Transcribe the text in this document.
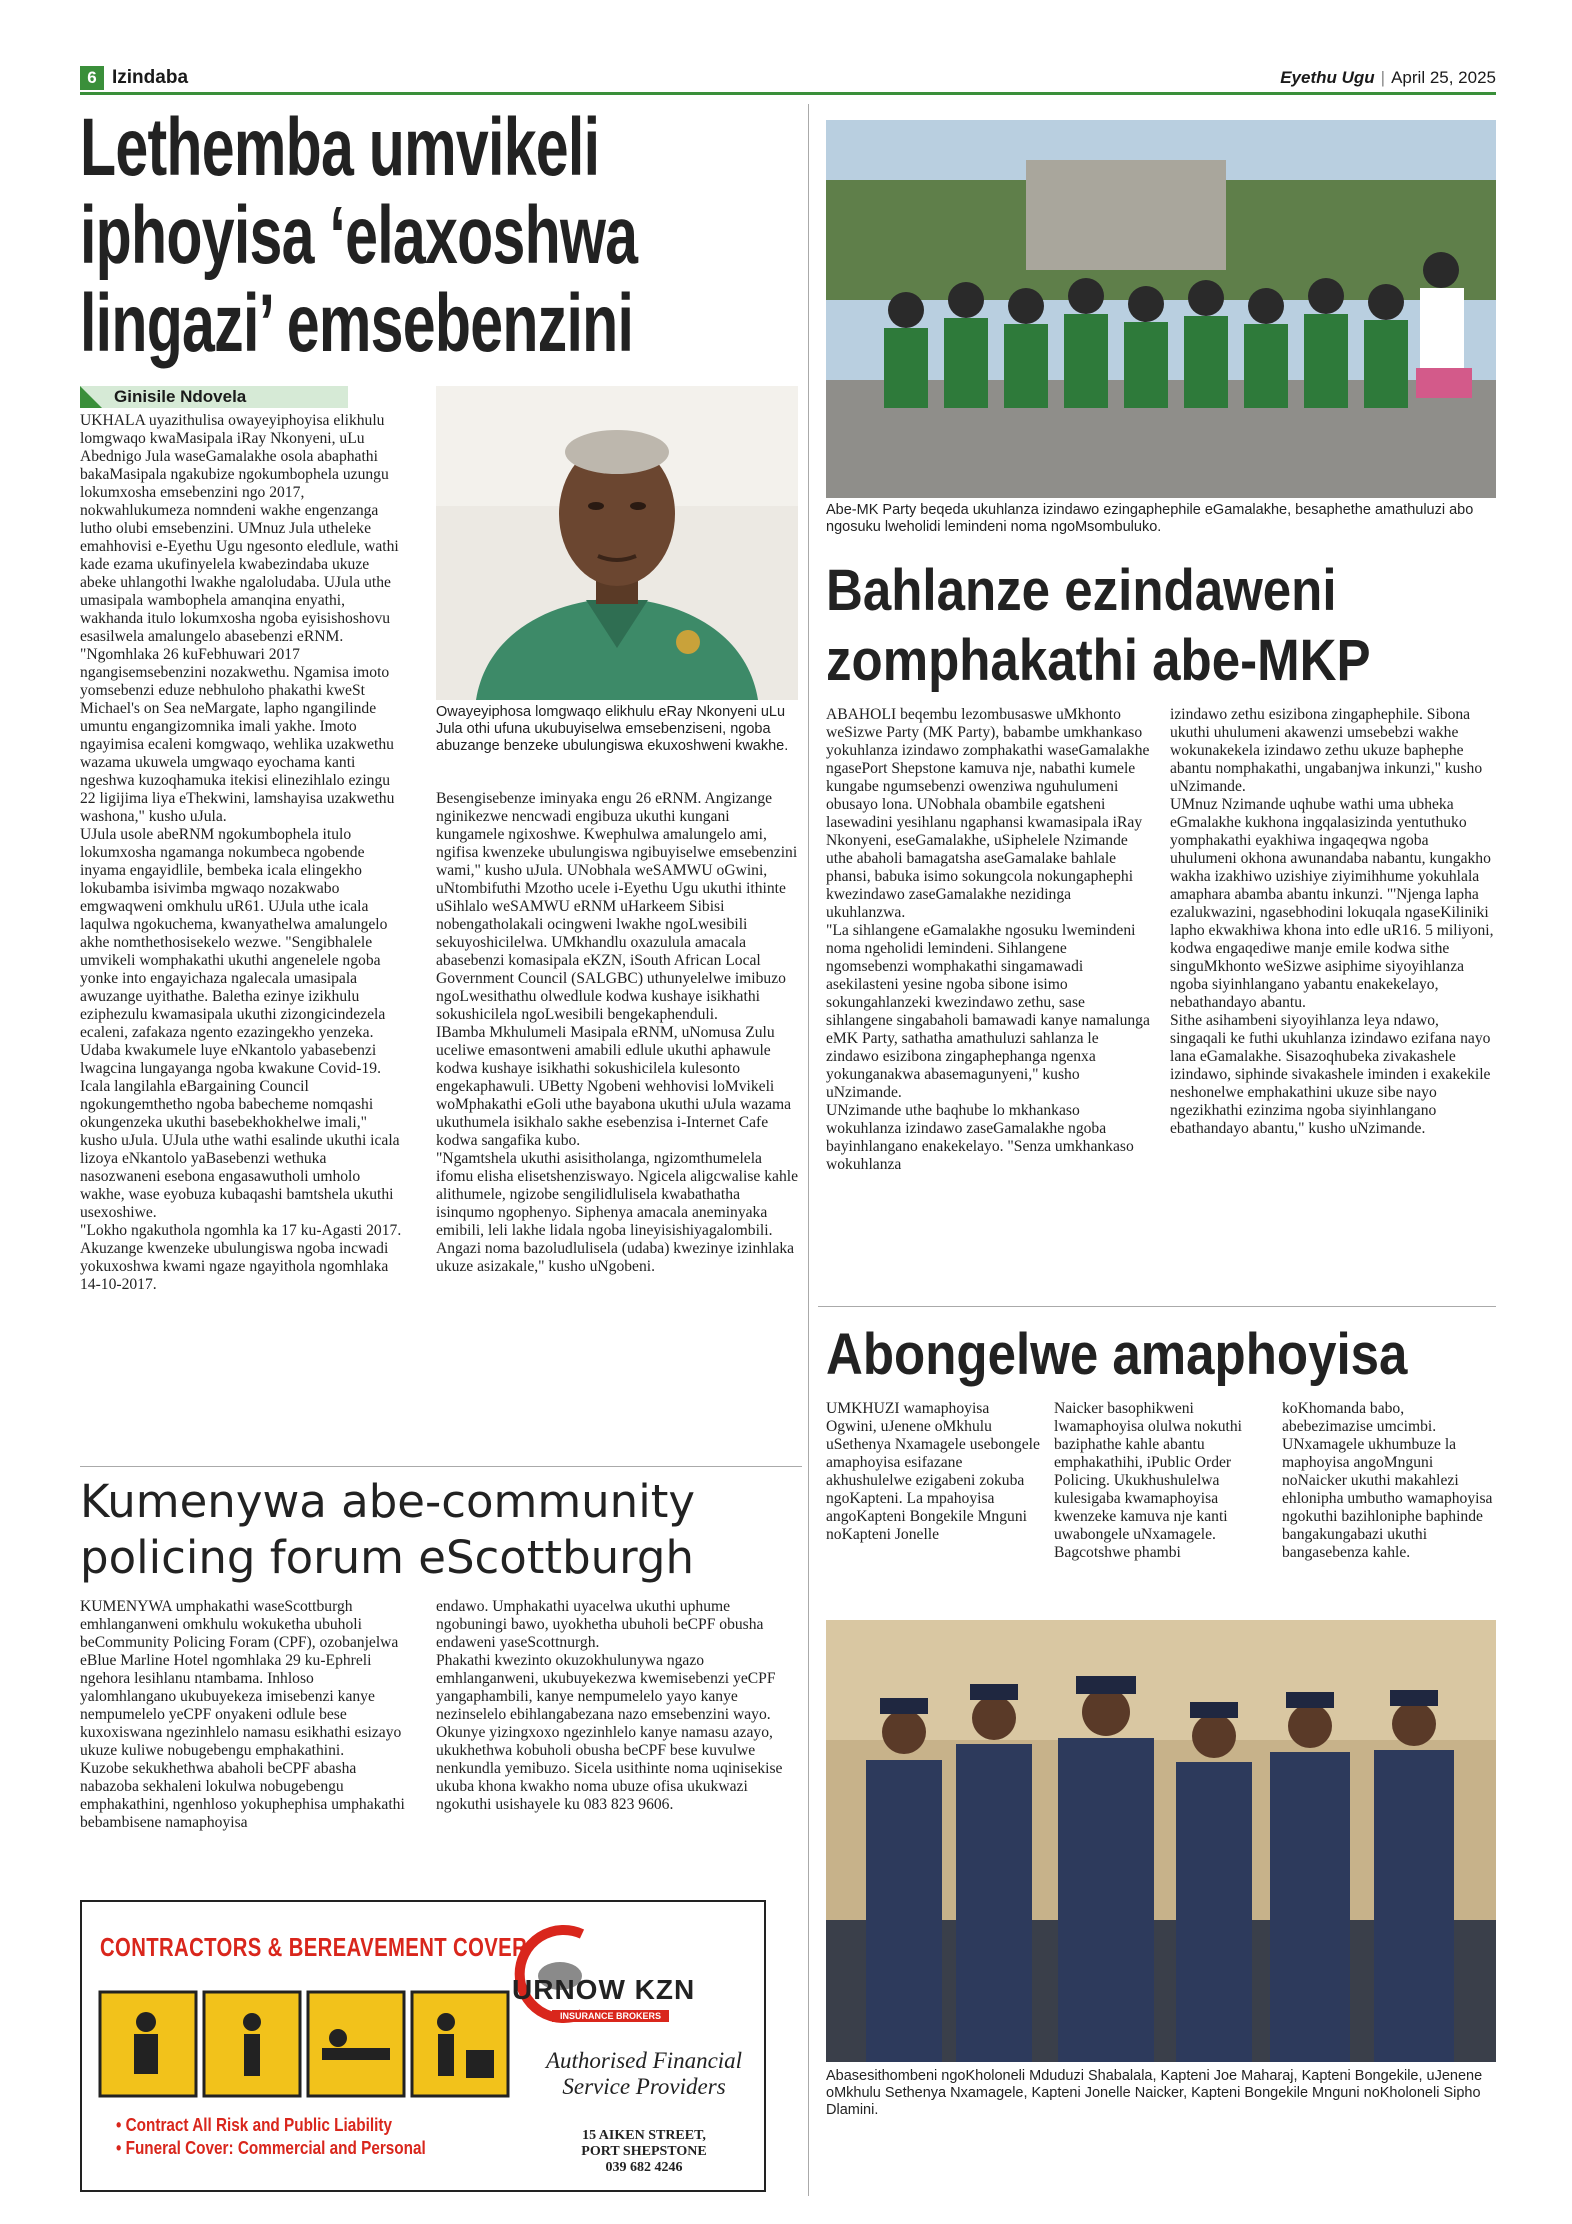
6 Izindaba	Eyethu Ugu | April 25, 2025
Lethemba umvikeli
iphoyisa ‘elaxoshwa
lingazi’ emsebenzini
Ginisile Ndovela

UKHALA uyazithulisa owayeyiphoyisa elikhulu lomgwaqo kwaMasipala iRay Nkonyeni, uLu Abednigo Jula waseGamalakhe osola abaphathi bakaMasipala ngakubize ngokumbophela uzungu lokumxosha emsebenzini ngo 2017, nokwahlukumeza nomndeni wakhe engenzanga lutho olubi emsebenzini. UMnuz Jula utheleke emahhovisi e-Eyethu Ugu ngesonto eledlule, wathi kade ezama ukufinyelela kwabezindaba ukuze abeke uhlangothi lwakhe ngaloludaba. UJula uthe umasipala wambophela amanqina enyathi, wakhanda itulo lokumxosha ngoba eyisishoshovu esasilwela amalungelo abasebenzi eRNM.

"Ngomhlaka 26 kuFebhuwari 2017 ngangisemsebenzini nozakwethu. Ngamisa imoto yomsebenzi eduze nebhuloho phakathi kweSt Michael's on Sea neMargate, lapho ngangilinde umuntu engangizomnika imali yakhe. Imoto ngayimisa ecaleni komgwaqo, wehlika uzakwethu wazama ukuwela umgwaqo eyochama kanti ngeshwa kuzoqhamuka itekisi elinezihlalo ezingu 22 ligijima liya eThekwini, lamshayisa uzakwethu washona," kusho uJula.

UJula usole abeRNM ngokumbophela itulo lokumxosha ngamanga nokumbeca ngobende inyama engayidlile, bembeka icala elingekho lokubamba isivimba mgwaqo nozakwabo emgwaqweni omkhulu uR61. UJula uthe icala laqulwa ngokuchema, kwanyathelwa amalungelo akhe nomthethosisekelo wezwe. "Sengibhalele umvikeli womphakathi ukuthi angenelele ngoba yonke into engayichaza ngalecala umasipala awuzange uyithathe. Baletha ezinye izikhulu eziphezulu kwamasipala ukuthi zizongicindezela ecaleni, zafakaza ngento ezazingekho yenzeka. Udaba kwakumele luye eNkantolo yabasebenzi lwagcina lungayanga ngoba kwakune Covid-19. Icala langilahla eBargaining Council ngokungemthetho ngoba babecheme nomqashi okungenzeka ukuthi basebekhokhelwe imali," kusho uJula. UJula uthe wathi esalinde ukuthi icala lizoya eNkantolo yaBasebenzi wethuka nasozwaneni esebona engasawutholi umholo wakhe, wase eyobuza kubaqashi bamtshela ukuthi usexoshiwe.

"Lokho ngakuthola ngomhla ka 17 ku-Agasti 2017. Akuzange kwenzeke ubulungiswa ngoba incwadi yokuxoshwa kwami ngaze ngayithola ngomhlaka 14-10-2017.

Owayeyiphosa lomgwaqo elikhulu eRay Nkonyeni uLu Jula othi ufuna ukubuyiselwa emsebenziseni, ngoba abuzange benzeke ubulungiswa ekuxoshweni kwakhe.

Besengisebenze iminyaka engu 26 eRNM. Angizange nginikezwe nencwadi engibuza ukuthi kungani kungamele ngixoshwe. Kwephulwa amalungelo ami, ngifisa kwenzeke ubulungiswa ngibuyiselwe emsebenzini wami," kusho uJula. UNobhala weSAMWU oGwini, uNtombifuthi Mzotho ucele i-Eyethu Ugu ukuthi ithinte uSihlalo weSAMWU eRNM uHarkeem Sibisi nobengatholakali ocingweni lwakhe ngoLwesibili sekuyoshicilelwa. UMkhandlu oxazulula amacala abasebenzi komasipala eKZN, iSouth African Local Government Council (SALGBC) uthunyelelwe imibuzo ngoLwesithathu olwedlule kodwa kushaye isikhathi sokushicilela ngoLwesibili bengekaphenduli.

IBamba Mkhulumeli Masipala eRNM, uNomusa Zulu uceliwe emasontweni amabili edlule ukuthi aphawule kodwa kushaye isikhathi sokushicilela kulesonto engekaphawuli. UBetty Ngobeni wehhovisi loMvikeli woMphakathi eGoli uthe bayabona ukuthi uJula wazama ukuthumela isikhalo sakhe esebenzisa i-Internet Cafe kodwa sangafika kubo.

"Ngamtshela ukuthi asisitholanga, ngizomthumelela ifomu elisha elisetshenziswayo. Ngicela aligcwalise kahle alithumele, ngizobe sengilidlulisela kwabathatha isinqumo ngophenyo. Siphenya amacala aneminyaka emibili, leli lakhe lidala ngoba lineyisishiyagalombili. Angazi noma bazoludlulisela (udaba) kwezinye izinhlaka ukuze asizakale," kusho uNgobeni.

Abe-MK Party beqeda ukuhlanza izindawo ezingaphephile eGamalakhe, besaphethe amathuluzi abo ngosuku lweholidi lemindeni noma ngoMsombuluko.
Bahlanze ezindaweni
zomphakathi abe-MKP

ABAHOLI beqembu lezombusaswe uMkhonto weSizwe Party (MK Party), babambe umkhankaso yokuhlanza izindawo zomphakathi waseGamalakhe ngasePort Shepstone kamuva nje, nabathi kumele kungabe ngumsebenzi owenziwa nguhulumeni obusayo lona. UNobhala obambile egatsheni lasewadini yesihlanu ngaphansi kwamasipala iRay Nkonyeni, eseGamalakhe, uSiphelele Nzimande uthe abaholi bamagatsha aseGamalake bahlale phansi, babuka isimo sokungcola nokungaphephi kwezindawo zaseGamalakhe nezidinga ukuhlanzwa.

"La sihlangene eGamalakhe ngosuku lwemindeni noma ngeholidi lemindeni. Sihlangene ngomsebenzi womphakathi singamawadi asekilasteni yesine ngoba sibone isimo sokungahlanzeki kwezindawo zethu, sase sihlangene singabaholi bamawadi kanye namalunga eMK Party, sathatha amathuluzi sahlanza le zindawo esizibona zingaphephanga ngenxa yokunganakwa abasemagunyeni," kusho uNzimande.

UNzimande uthe baqhube lo mkhankaso wokuhlanza izindawo zaseGamalakhe ngoba bayinhlangano enakekelayo. "Senza umkhankaso wokuhlanza

izindawo zethu esizibona zingaphephile. Sibona ukuthi uhulumeni akawenzi umsebebzi wakhe wokunakekela izindawo zethu ukuze baphephe abantu nomphakathi, ungabanjwa inkunzi," kusho uNzimande.

UMnuz Nzimande uqhube wathi uma ubheka eGmalakhe kukhona ingqalasizinda yentuthuko yomphakathi eyakhiwa ingaqeqwa ngoba uhulumeni okhona awunandaba nabantu, kungakho wakha izakhiwo uzishiye ziyimihhume yokuhlala amaphara abamba abantu inkunzi. "'Njenga lapha ezalukwazini, ngasebhodini lokuqala ngaseKiliniki lapho ekwakhiwa khona into edle uR16. 5 miliyoni, kodwa engaqediwe manje emile kodwa sithe singuMkhonto weSizwe asiphime siyoyihlanza ngoba siyinhlangano yabantu enakekelayo, nebathandayo abantu.

Sithe asihambeni siyoyihlanza leya ndawo, singaqali ke futhi ukuhlanza izindawo ezifana nayo lana eGamalakhe. Sisazoqhubeka zivakashele izindawo, siphinde sivakashele iminden i exakekile neshonelwe emphakathini ukuze sibe nayo ngezikhathi ezinzima ngoba siyinhlangano ebathandayo abantu," kusho uNzimande.

Kumenywa abe-community
policing forum eScottburgh

KUMENYWA umphakathi waseScottburgh emhlanganweni omkhulu wokuketha ubuholi beCommunity Policing Foram (CPF), ozobanjelwa eBlue Marline Hotel ngomhlaka 29 ku-Ephreli ngehora lesihlanu ntambama. Inhloso yalomhlangano ukubuyekeza imisebenzi kanye nempumelelo yeCPF onyakeni odlule bese kuxoxiswana ngezinhlelo namasu esikhathi esizayo ukuze kuliwe nobugebengu emphakathini.

Kuzobe sekukhethwa abaholi beCPF abasha nabazoba sekhaleni lokulwa nobugebengu emphakathini, ngenhloso yokuphephisa umphakathi bebambisene namaphoyisa

endawo. Umphakathi uyacelwa ukuthi uphume ngobuningi bawo, uyokhetha ubuholi beCPF obusha endaweni yaseScottnurgh.

Phakathi kwezinto okuzokhulunywa ngazo emhlanganweni, ukubuyekezwa kwemisebenzi yeCPF yangaphambili, kanye nempumelelo yayo kanye nezinselelo ebihlangabezana nazo emsebenzini wayo.

Okunye yizingxoxo ngezinhlelo kanye namasu azayo, ukukhethwa kobuholi obusha beCPF bese kuvulwe nenkundla yemibuzo. Sicela usithinte noma uqinisekise ukuba khona kwakho noma ubuze ofisa ukukwazi ngokuthi usishayele ku 083 823 9606.

Abongelwe amaphoyisa
UMKHUZI wamaphoyisa Ogwini, uJenene oMkhulu uSethenya Nxamagele usebongele amaphoyisa esifazane akhushulelwe ezigabeni zokuba ngoKapteni. La mpahoyisa angoKapteni Bongekile Mnguni noKapteni Jonelle
Naicker basophikweni lwamaphoyisa olulwa nokuthi baziphathe kahle abantu emphakathihi, iPublic Order Policing. Ukukhushulelwa kulesigaba kwamaphoyisa kwenzeke kamuva nje kanti uwabongele uNxamagele. Bagcotshwe phambi
koKhomanda babo, abebezimazise umcimbi. UNxamagele ukhumbuze la maphoyisa angoMnguni noNaicker ukuthi makahlezi ehloniphа umbutho wamaphoyisa ngokuthi bazihloniphe baphinde bangakungabazi ukuthi bangasebenza kahle.
Abasesithombeni ngoKholoneli Mduduzi Shabalala, Kapteni Joe Maharaj, Kapteni Bongekile, uJenene oMkhulu Sethenya Nxamagele, Kapteni Jonelle Naicker, Kapteni Bongekile Mnguni noKholoneli Sipho Dlamini.
CONTRACTORS & BEREAVEMENT COVER
• Contract All Risk and Public Liability
• Funeral Cover: Commercial and Personal
URNOW KZN
INSURANCE BROKERS
Authorised Financial
Service Providers
15 AIKEN STREET,
PORT SHEPSTONE
039 682 4246
